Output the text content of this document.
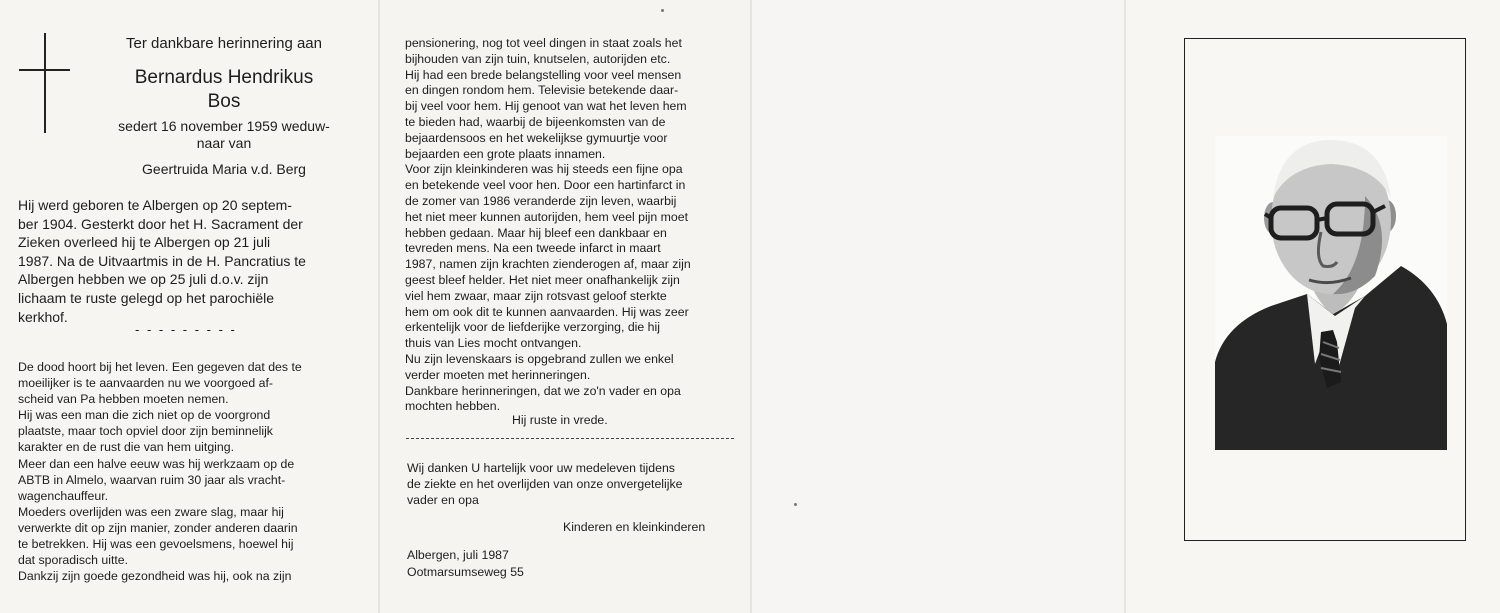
Ter dankbare herinnering aan
Bernardus Hendrikus
Bos
sedert 16 november 1959 weduw-
naar van
Geertruida Maria v.d. Berg
Hij werd geboren te Albergen op 20 septem-
ber 1904. Gesterkt door het H. Sacrament der
Zieken overleed hij te Albergen op 21 juli
1987. Na de Uitvaartmis in de H. Pancratius te
Albergen hebben we op 25 juli d.o.v. zijn
lichaam te ruste gelegd op het parochiële
kerkhof.
- - - - - - - - -
De dood hoort bij het leven. Een gegeven dat des te
moeilijker is te aanvaarden nu we voorgoed af-
scheid van Pa hebben moeten nemen.
Hij was een man die zich niet op de voorgrond
plaatste, maar toch opviel door zijn beminnelijk
karakter en de rust die van hem uitging.
Meer dan een halve eeuw was hij werkzaam op de
ABTB in Almelo, waarvan ruim 30 jaar als vracht-
wagenchauffeur.
Moeders overlijden was een zware slag, maar hij
verwerkte dit op zijn manier, zonder anderen daarin
te betrekken. Hij was een gevoelsmens, hoewel hij
dat sporadisch uitte.
Dankzij zijn goede gezondheid was hij, ook na zijn
pensionering, nog tot veel dingen in staat zoals het
bijhouden van zijn tuin, knutselen, autorijden etc.
Hij had een brede belangstelling voor veel mensen
en dingen rondom hem. Televisie betekende daar-
bij veel voor hem. Hij genoot van wat het leven hem
te bieden had, waarbij de bijeenkomsten van de
bejaardensoos en het wekelijkse gymuurtje voor
bejaarden een grote plaats innamen.
Voor zijn kleinkinderen was hij steeds een fijne opa
en betekende veel voor hen. Door een hartinfarct in
de zomer van 1986 veranderde zijn leven, waarbij
het niet meer kunnen autorijden, hem veel pijn moet
hebben gedaan. Maar hij bleef een dankbaar en
tevreden mens. Na een tweede infarct in maart
1987, namen zijn krachten zienderogen af, maar zijn
geest bleef helder. Het niet meer onafhankelijk zijn
viel hem zwaar, maar zijn rotsvast geloof sterkte
hem om ook dit te kunnen aanvaarden. Hij was zeer
erkentelijk voor de liefderijke verzorging, die hij
thuis van Lies mocht ontvangen.
Nu zijn levenskaars is opgebrand zullen we enkel
verder moeten met herinneringen.
Dankbare herinneringen, dat we zo'n vader en opa
mochten hebben.
Hij ruste in vrede.
Wij danken U hartelijk voor uw medeleven tijdens
de ziekte en het overlijden van onze onvergetelijke
vader en opa
Kinderen en kleinkinderen
Albergen, juli 1987
Ootmarsumseweg 55
